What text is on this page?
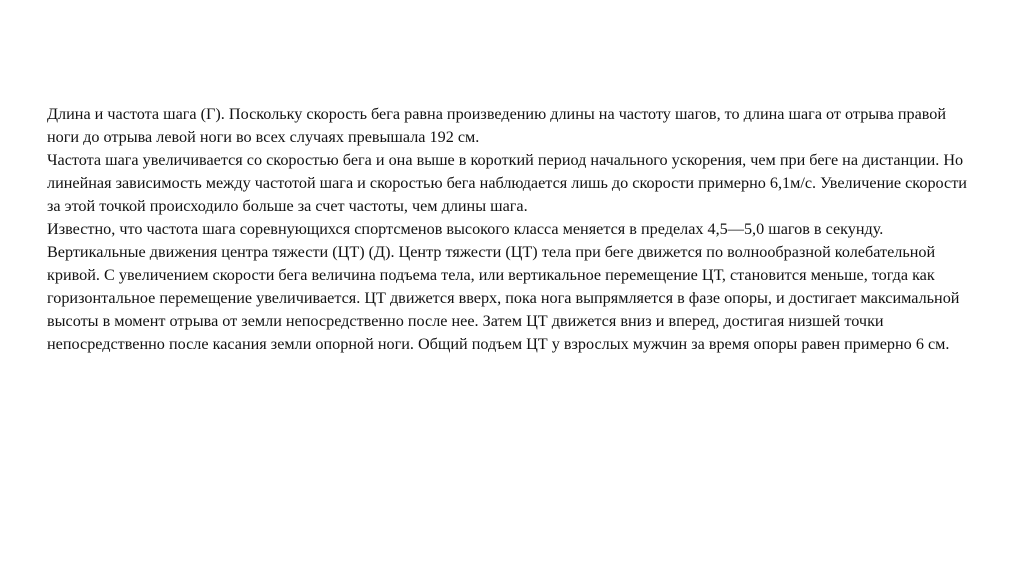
Длина и частота шага (Г). Поскольку скорость бега равна произведению длины на частоту шагов, то длина шага от отрыва правой ноги до отрыва левой ноги во всех случаях превышала 192 см.

Частота шага увеличивается со скоростью бега и она выше в короткий период начального ускорения, чем при беге на дистанции. Но линейная зависимость между частотой шага и скоростью бега наблюдается лишь до скорости примерно 6,1м/с. Увеличение скорости за этой точкой происходило больше за счет частоты, чем длины шага.

Известно, что частота шага соревнующихся спортсменов высокого класса меняется в пределах 4,5—5,0 шагов в секунду.

Вертикальные движения центра тяжести (ЦТ) (Д). Центр тяжести (ЦТ) тела при беге движется по волнообразной колебательной кривой. С увеличением скорости бега величина подъема тела, или вертикальное перемещение ЦТ, становится меньше, тогда как горизонтальное перемещение увеличивается. ЦТ движется вверх, пока нога выпрямляется в фазе опоры, и достигает максимальной высоты в момент отрыва от земли непосредственно после нее. Затем ЦТ движется вниз и вперед, достигая низшей точки непосредственно после касания земли опорной ноги. Общий подъем ЦТ у взрослых мужчин за время опоры равен примерно 6 см.
